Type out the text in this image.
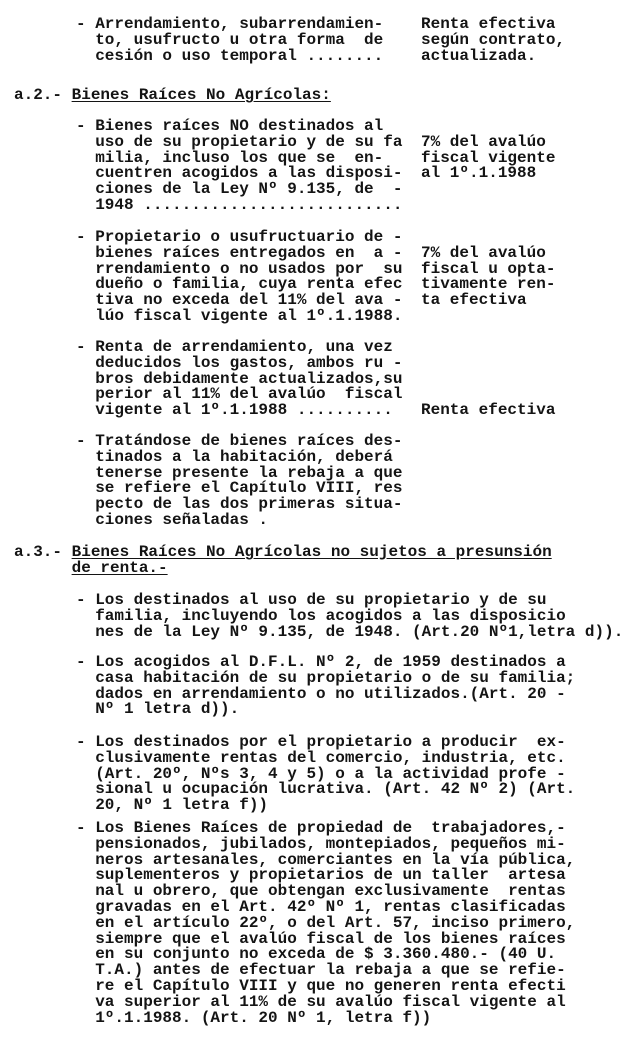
- Arrendamiento, subarrendamien-
to, usufructo u otra forma  de
cesión o uso temporal ........
Renta efectiva
según contrato,
actualizada.
a.2.- Bienes Raíces No Agrícolas:
- Bienes raíces NO destinados al
uso de su propietario y de su fa
milia, incluso los que se  en-
cuentren acogidos a las disposi-
ciones de la Ley Nº 9.135, de  -
1948 ...........................
7% del avalúo
fiscal vigente
al 1º.1.1988
- Propietario o usufructuario de -
bienes raíces entregados en  a -
rrendamiento o no usados por  su
dueño o familia, cuya renta efec
tiva no exceda del 11% del ava -
lúo fiscal vigente al 1º.1.1988.
7% del avalúo
fiscal u opta-
tivamente ren-
ta efectiva
- Renta de arrendamiento, una vez
deducidos los gastos, ambos ru -
bros debidamente actualizados,su
perior al 11% del avalúo  fiscal
vigente al 1º.1.1988 ..........	Renta efectiva
- Tratándose de bienes raíces des-
tinados a la habitación, deberá
tenerse presente la rebaja a que
se refiere el Capítulo VIII, res
pecto de las dos primeras situa-
ciones señaladas .
a.3.- Bienes Raíces No Agrícolas no sujetos a presunsión
de renta.-
- Los destinados al uso de su propietario y de su
familia, incluyendo los acogidos a las disposicio
nes de la Ley Nº 9.135, de 1948. (Art.20 Nº1,letra d)).
- Los acogidos al D.F.L. Nº 2, de 1959 destinados a
casa habitación de su propietario o de su familia;
dados en arrendamiento o no utilizados.(Art. 20 -
Nº 1 letra d)).
- Los destinados por el propietario a producir  ex-
clusivamente rentas del comercio, industria, etc.
(Art. 20º, Nºs 3, 4 y 5) o a la actividad profe -
sional u ocupación lucrativa. (Art. 42 Nº 2) (Art.
20, Nº 1 letra f))
- Los Bienes Raíces de propiedad de  trabajadores,-
pensionados, jubilados, montepiados, pequeños mi-
neros artesanales, comerciantes en la vía pública,
suplementeros y propietarios de un taller  artesa
nal u obrero, que obtengan exclusivamente  rentas
gravadas en el Art. 42º Nº 1, rentas clasificadas
en el artículo 22º, o del Art. 57, inciso primero,
siempre que el avalúo fiscal de los bienes raíces
en su conjunto no exceda de $ 3.360.480.- (40 U.
T.A.) antes de efectuar la rebaja a que se refie-
re el Capítulo VIII y que no generen renta efecti
va superior al 11% de su avalúo fiscal vigente al
1º.1.1988. (Art. 20 Nº 1, letra f))
